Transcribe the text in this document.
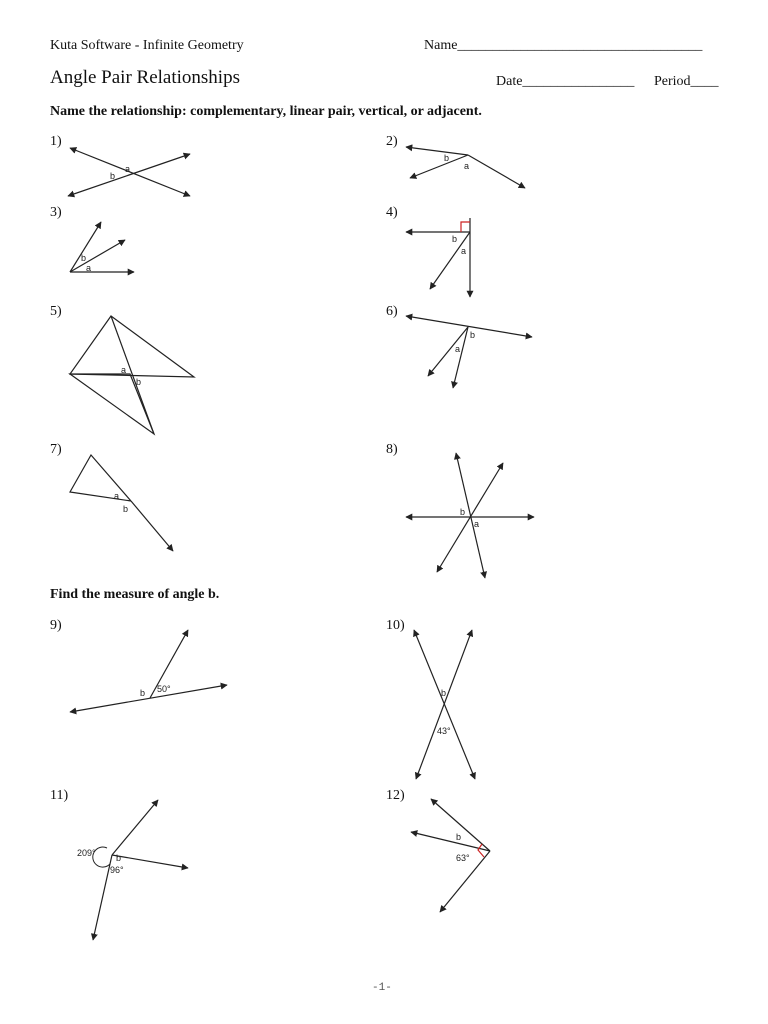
Kuta Software - Infinite Geometry	Name___________________________________
Angle Pair Relationships	Date________________ Period____
Name the relationship: complementary, linear pair, vertical, or adjacent.
Find the measure of angle b.
1)	2)
3)	4)
5)	6)
7)	8)
9)	10)
11)	12)
a
b
b
a
b
a
b
a
a
b
b
a
a
b	b
a
b 50°	b
43°
209° b
96°
b
63°
-1-
